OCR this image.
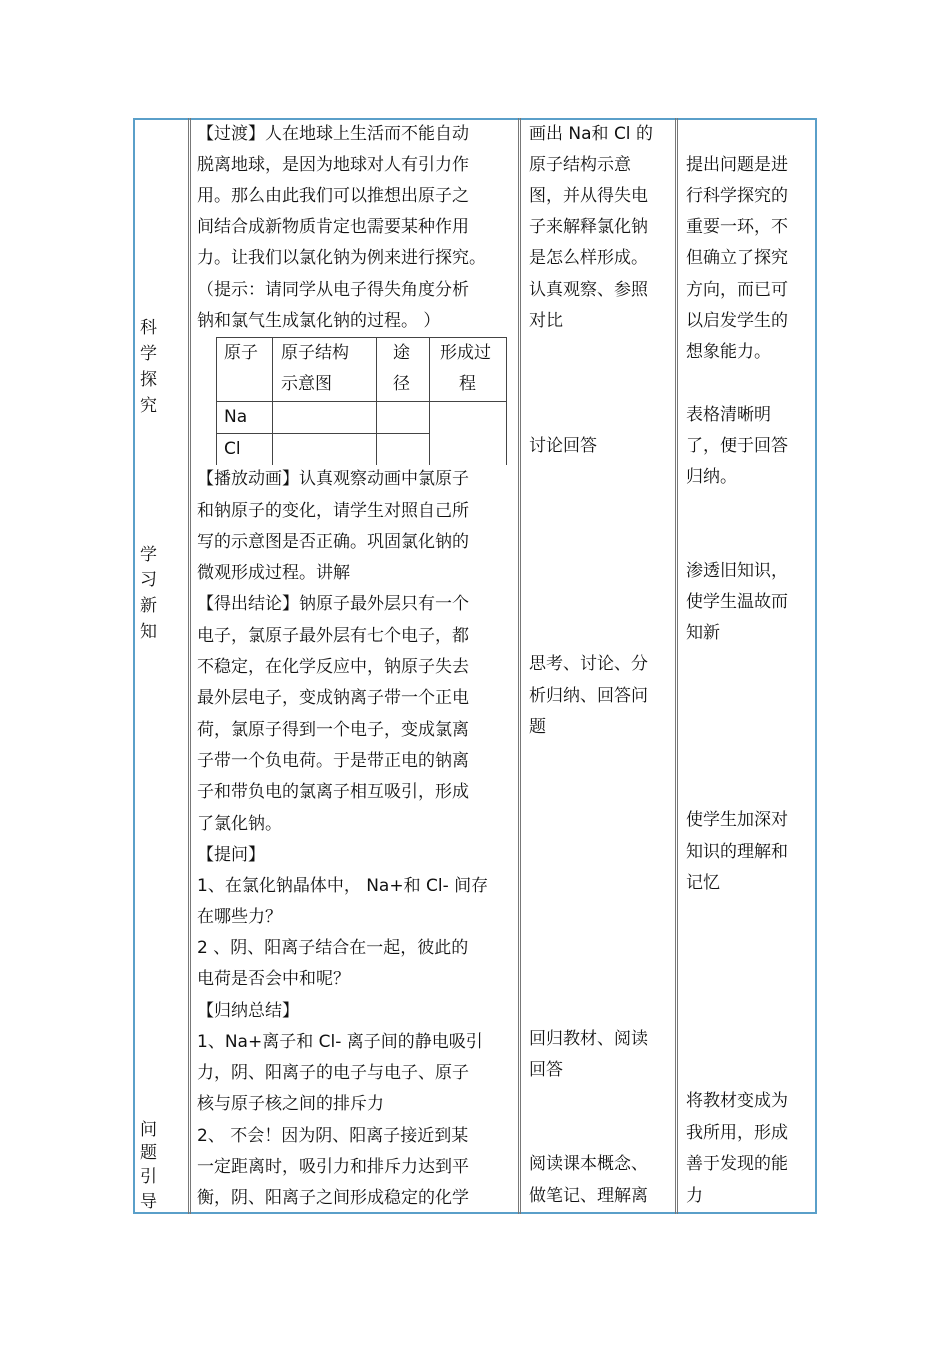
科
学
探
究
学
习
新
知
问
题
引
导
【过渡】人在地球上生活而不能自动
脱离地球，是因为地球对人有引力作
用。那么由此我们可以推想出原子之
间结合成新物质肯定也需要某种作用
力。让我们以氯化钠为例来进行探究。
（提示：请同学从电子得失角度分析
钠和氯气生成氯化钠的过程。 ）
原子 原子结构
示意图
途
径
形成过
程
Na
Cl
【播放动画】认真观察动画中氯原子
和钠原子的变化，请学生对照自己所
写的示意图是否正确。巩固氯化钠的
微观形成过程。讲解
【得出结论】钠原子最外层只有一个
电子，氯原子最外层有七个电子，都
不稳定，在化学反应中，钠原子失去
最外层电子，变成钠离子带一个正电
荷，氯原子得到一个电子，变成氯离
子带一个负电荷。于是带正电的钠离
子和带负电的氯离子相互吸引，形成
了氯化钠。
【提问】
1、在氯化钠晶体中， Na+和 Cl- 间存
在哪些力？
2 、阴、阳离子结合在一起，彼此的
电荷是否会中和呢？
【归纳总结】
1、Na+离子和 Cl- 离子间的静电吸引
力，阴、阳离子的电子与电子、原子
核与原子核之间的排斥力
2、 不会！因为阴、阳离子接近到某
一定距离时，吸引力和排斥力达到平
衡，阴、阳离子之间形成稳定的化学
画出 Na和 Cl 的
原子结构示意
图，并从得失电
子来解释氯化钠
是怎么样形成。
认真观察、参照
对比
讨论回答
思考、讨论、分
析归纳、回答问
题
回归教材、阅读
回答
阅读课本概念、
做笔记、理解离
提出问题是进
行科学探究的
重要一环，不
但确立了探究
方向，而已可
以启发学生的
想象能力。
表格清晰明
了，便于回答
归纳。
渗透旧知识，
使学生温故而
知新
使学生加深对
知识的理解和
记忆
将教材变成为
我所用，形成
善于发现的能
力
